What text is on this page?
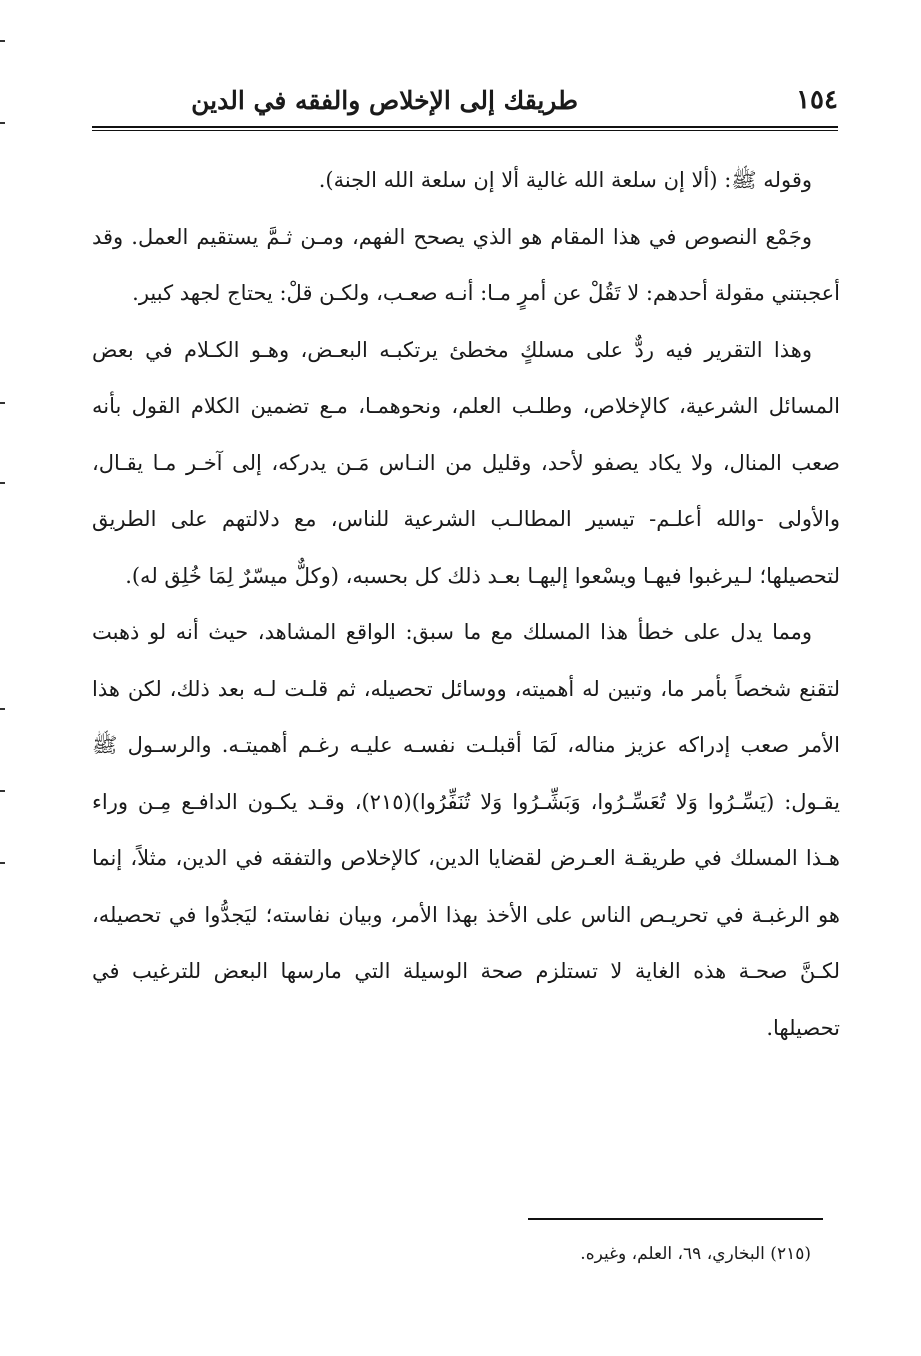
١٥٤
طريقك إلى الإخلاص والفقه في الدين

وقوله ﷺ: (ألا إن سلعة الله غالية ألا إن سلعة الله الجنة).

وجَمْع النصوص في هذا المقام هو الذي يصحح الفهم، ومـن ثـمَّ يستقيم العمل. وقد أعجبتني مقولة أحدهم: لا تَقُلْ عن أمرٍ مـا: أنـه صعـب، ولكـن قلْ: يحتاج لجهد كبير.

وهذا التقرير فيه ردٌّ على مسلكٍ مخطئ يرتكبـه البعـض، وهـو الكـلام في بعض المسائل الشرعية، كالإخلاص، وطلـب العلم، ونحوهمـا، مـع تضمين الكلام القول بأنه صعب المنال، ولا يكاد يصفو لأحد، وقليل من النـاس مَـن يدركه، إلى آخـر مـا يقـال، والأولى -والله أعلـم- تيسير المطالـب الشرعية للناس، مع دلالتهم على الطريق لتحصيلها؛ لـيرغبوا فيهـا ويسْعوا إليهـا بعـد ذلك كل بحسبه، (وكلٌّ ميسّرٌ لِمَا خُلِق له).

ومما يدل على خطأ هذا المسلك مع ما سبق: الواقع المشاهد، حيث أنه لو ذهبت لتقنع شخصاً بأمر ما، وتبين له أهميته، ووسائل تحصيله، ثم قلـت لـه بعد ذلك، لكن هذا الأمر صعب إدراكه عزيز مناله، لَمَا أقبلـت نفسـه عليـه رغـم أهميتـه. والرسـول ﷺ يقـول: (يَسِّـرُوا وَلا تُعَسِّـرُوا، وَبَشِّـرُوا وَلا تُنَفِّرُوا)(٢١٥)، وقـد يكـون الدافـع مِـن وراء هـذا المسلك في طريقـة العـرض لقضايا الدين، كالإخلاص والتفقه في الدين، مثلاً، إنما هو الرغبـة في تحريـص الناس على الأخذ بهذا الأمر، وبيان نفاسته؛ ليَجدُّوا في تحصيله، لكـنَّ صحـة هذه الغاية لا تستلزم صحة الوسيلة التي مارسها البعض للترغيب في تحصيلها.

(٢١٥) البخاري، ٦٩، العلم، وغيره.
